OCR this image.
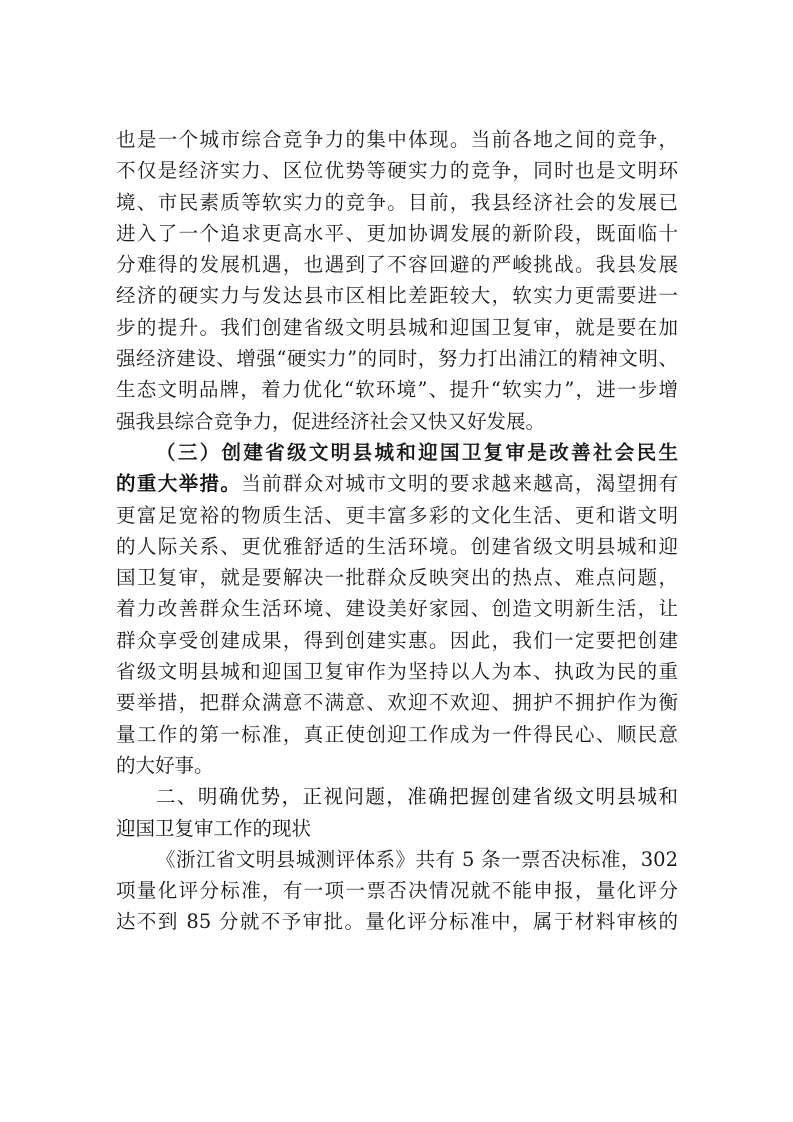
也是一个城市综合竞争力的集中体现。当前各地之间的竞争，
不仅是经济实力、区位优势等硬实力的竞争，同时也是文明环
境、市民素质等软实力的竞争。目前，我县经济社会的发展已
进入了一个追求更高水平、更加协调发展的新阶段，既面临十
分难得的发展机遇，也遇到了不容回避的严峻挑战。我县发展
经济的硬实力与发达县市区相比差距较大，软实力更需要进一
步的提升。我们创建省级文明县城和迎国卫复审，就是要在加
强经济建设、增强“硬实力”的同时，努力打出浦江的精神文明、
生态文明品牌，着力优化“软环境”、提升“软实力”，进一步增
强我县综合竞争力，促进经济社会又快又好发展。
（三）创建省级文明县城和迎国卫复审是改善社会民生
的重大举措。当前群众对城市文明的要求越来越高，渴望拥有
更富足宽裕的物质生活、更丰富多彩的文化生活、更和谐文明
的人际关系、更优雅舒适的生活环境。创建省级文明县城和迎
国卫复审，就是要解决一批群众反映突出的热点、难点问题，
着力改善群众生活环境、建设美好家园、创造文明新生活，让
群众享受创建成果，得到创建实惠。因此，我们一定要把创建
省级文明县城和迎国卫复审作为坚持以人为本、执政为民的重
要举措，把群众满意不满意、欢迎不欢迎、拥护不拥护作为衡
量工作的第一标准，真正使创迎工作成为一件得民心、顺民意
的大好事。
二、明确优势，正视问题，准确把握创建省级文明县城和
迎国卫复审工作的现状
《浙江省文明县城测评体系》共有 5 条一票否决标准，302
项量化评分标准，有一项一票否决情况就不能申报，量化评分
达不到 85 分就不予审批。量化评分标准中，属于材料审核的
